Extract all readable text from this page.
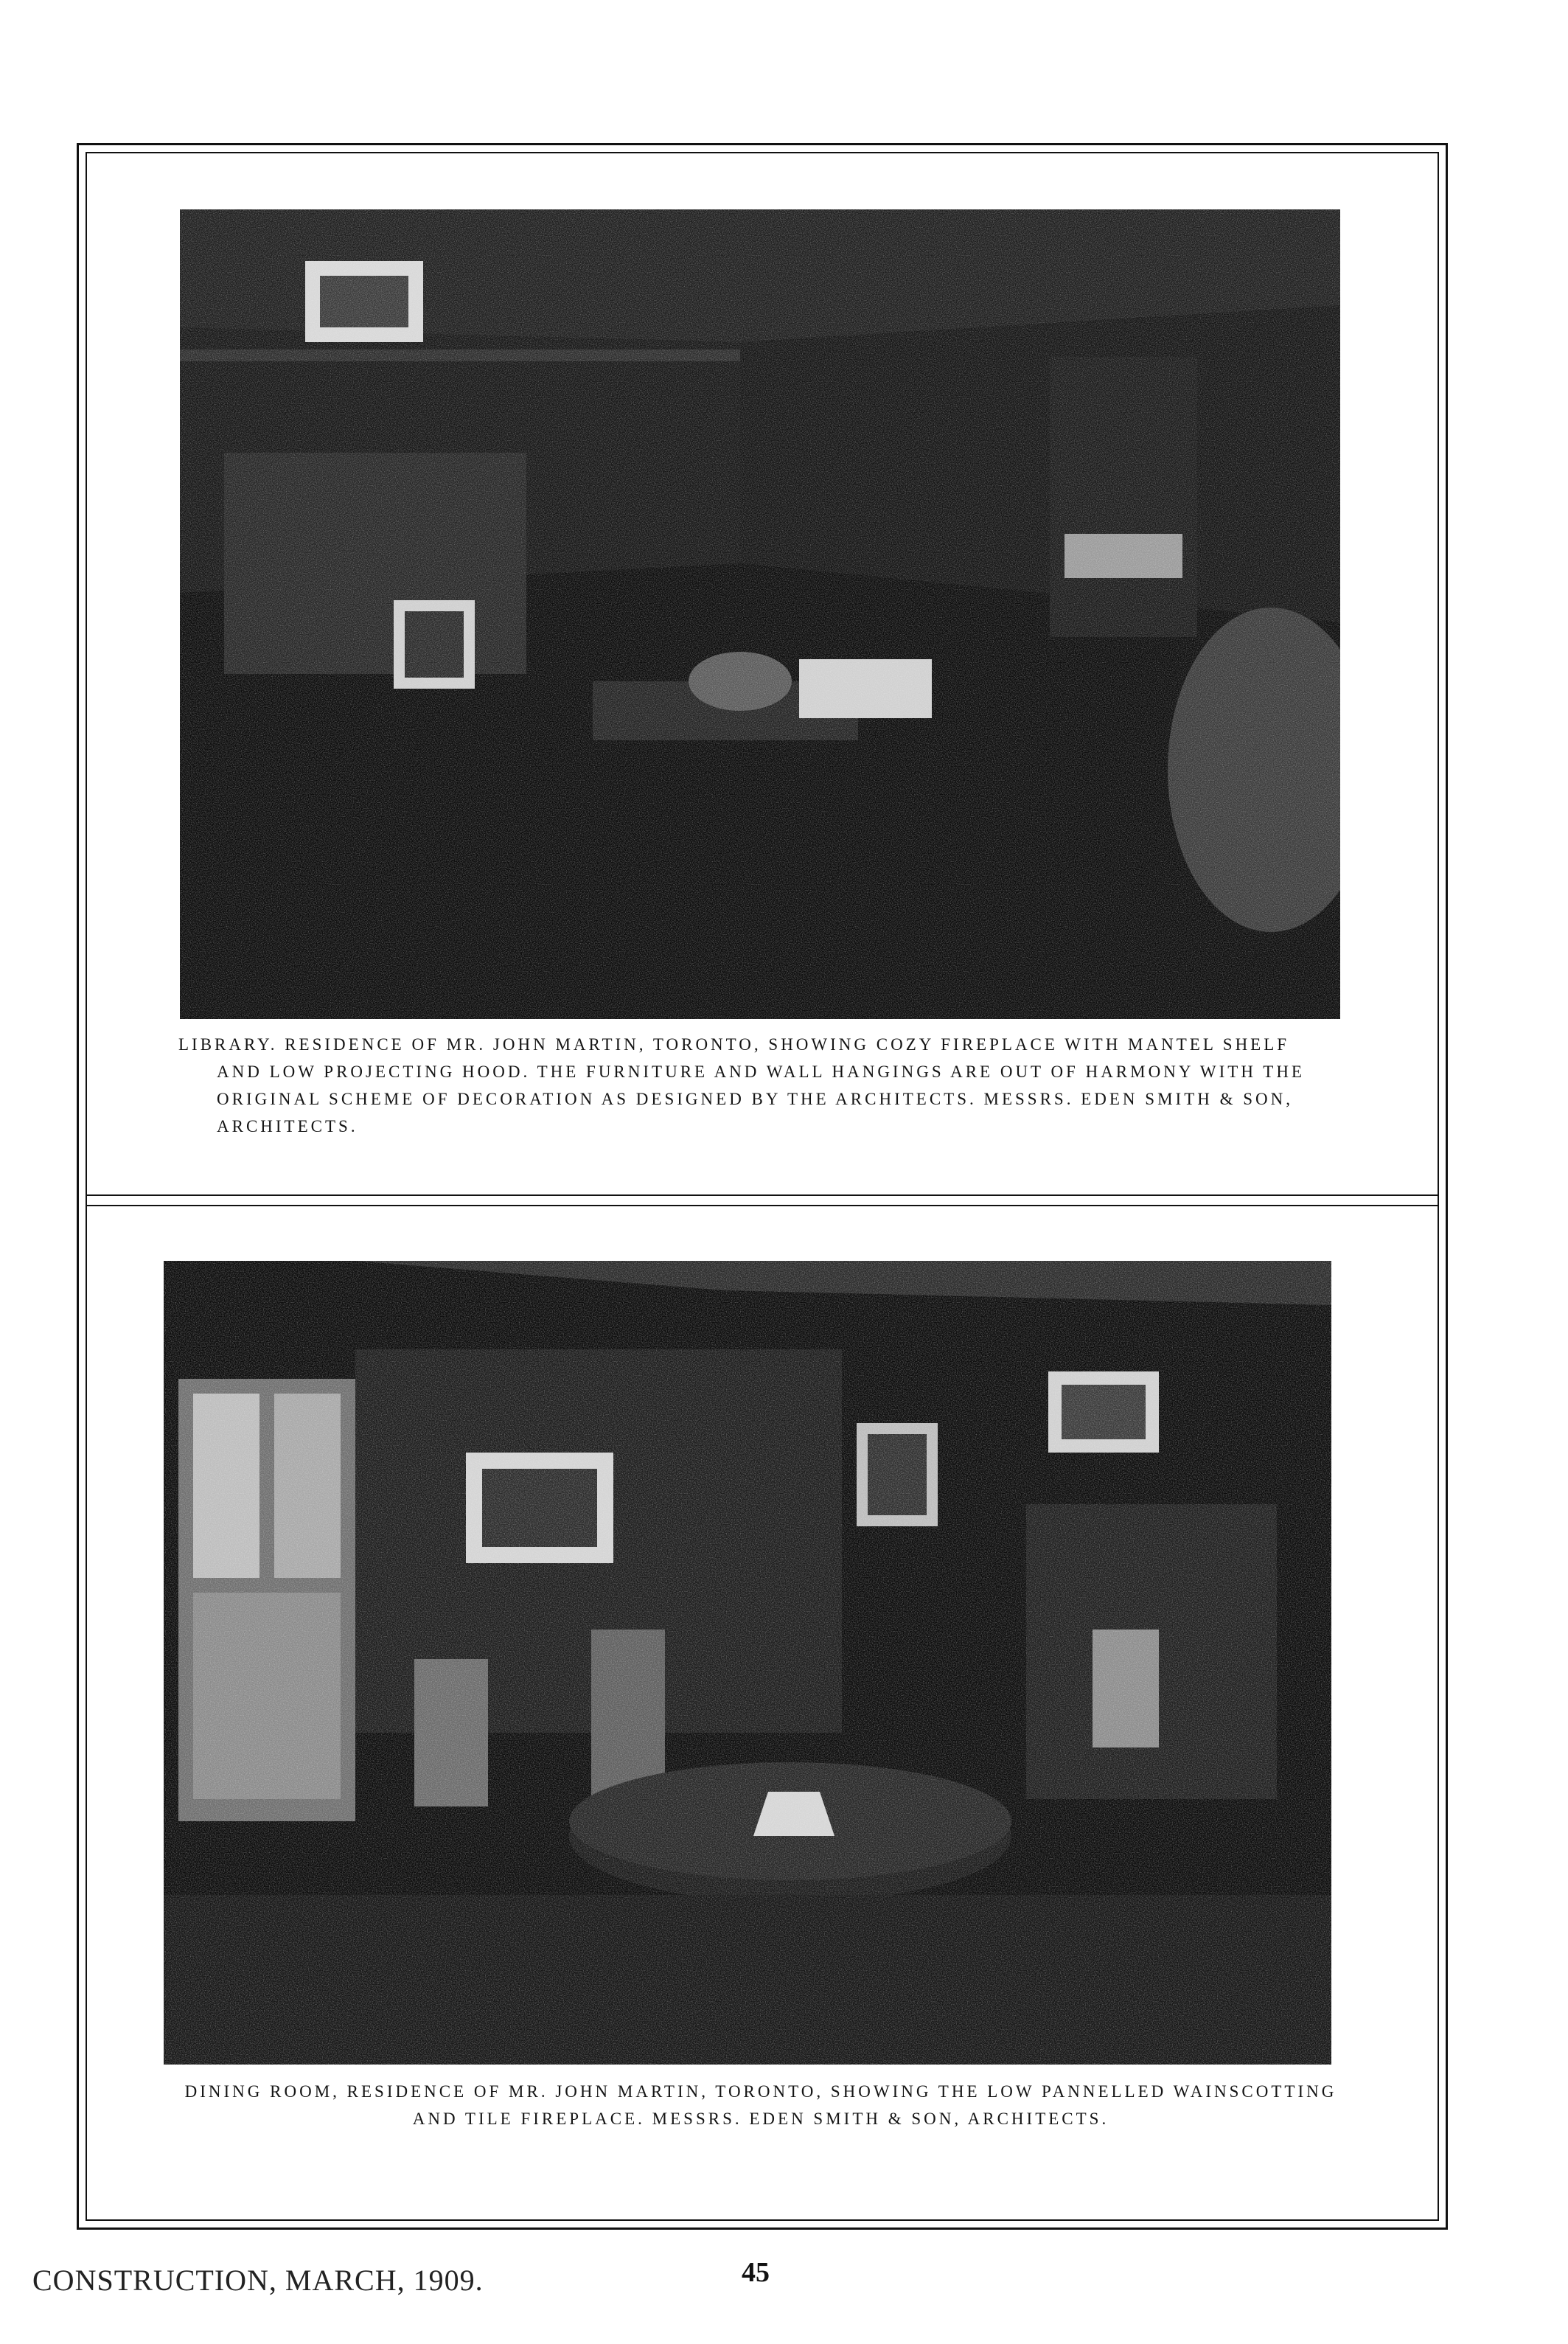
LIBRARY. RESIDENCE OF MR. JOHN MARTIN, TORONTO, SHOWING COZY FIREPLACE WITH MANTEL SHELF
AND LOW PROJECTING HOOD. THE FURNITURE AND WALL HANGINGS ARE OUT OF HARMONY WITH THE
ORIGINAL SCHEME OF DECORATION AS DESIGNED BY THE ARCHITECTS. MESSRS. EDEN SMITH & SON,
ARCHITECTS.
DINING ROOM, RESIDENCE OF MR. JOHN MARTIN, TORONTO, SHOWING THE LOW PANNELLED WAINSCOTTING
AND TILE FIREPLACE. MESSRS. EDEN SMITH & SON, ARCHITECTS.
CONSTRUCTION, MARCH, 1909.	45
